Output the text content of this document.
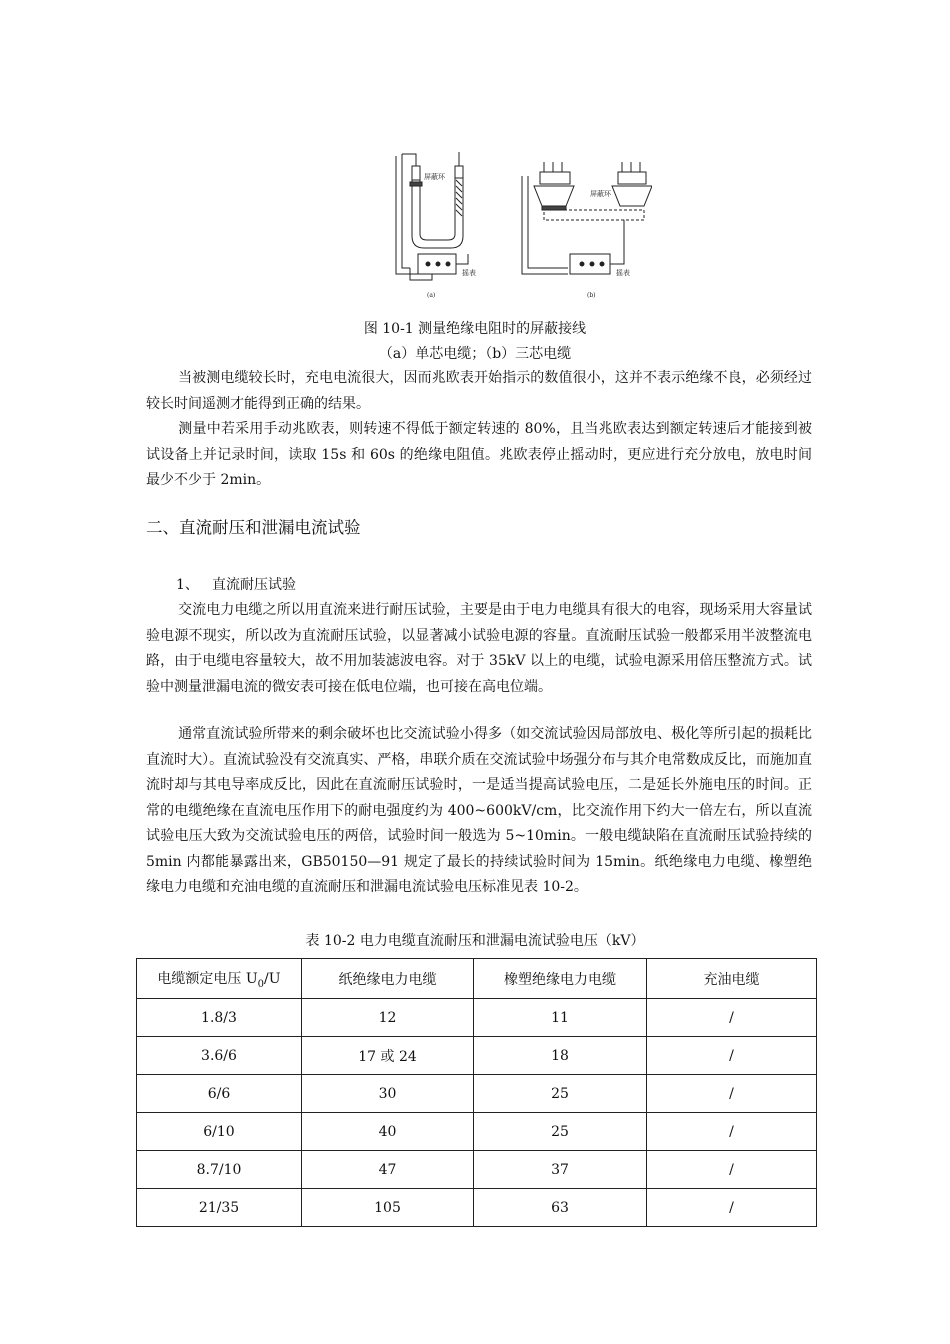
屏蔽环
屏蔽环
摇表	摇表
(a)	(b)
图 10-1 测量绝缘电阻时的屏蔽接线
（a）单芯电缆；（b）三芯电缆

当被测电缆较长时，充电电流很大，因而兆欧表开始指示的数值很小，这并不表示绝缘不良，必须经过较长时间遥测才能得到正确的结果。

测量中若采用手动兆欧表，则转速不得低于额定转速的 80%，且当兆欧表达到额定转速后才能接到被试设备上并记录时间，读取 15s 和 60s 的绝缘电阻值。兆欧表停止摇动时，更应进行充分放电，放电时间最少不少于 2min。

二、直流耐压和泄漏电流试验
1、 直流耐压试验

交流电力电缆之所以用直流来进行耐压试验，主要是由于电力电缆具有很大的电容，现场采用大容量试验电源不现实，所以改为直流耐压试验，以显著减小试验电源的容量。直流耐压试验一般都采用半波整流电路，由于电缆电容量较大，故不用加装滤波电容。对于 35kV 以上的电缆，试验电源采用倍压整流方式。试验中测量泄漏电流的微安表可接在低电位端，也可接在高电位端。

通常直流试验所带来的剩余破坏也比交流试验小得多（如交流试验因局部放电、极化等所引起的损耗比直流时大）。直流试验没有交流真实、严格，串联介质在交流试验中场强分布与其介电常数成反比，而施加直流时却与其电导率成反比，因此在直流耐压试验时，一是适当提高试验电压，二是延长外施电压的时间。正常的电缆绝缘在直流电压作用下的耐电强度约为 400~600kV/cm，比交流作用下约大一倍左右，所以直流试验电压大致为交流试验电压的两倍，试验时间一般选为 5~10min。一般电缆缺陷在直流耐压试验持续的 5min 内都能暴露出来，GB50150—91 规定了最长的持续试验时间为 15min。纸绝缘电力电缆、橡塑绝缘电力电缆和充油电缆的直流耐压和泄漏电流试验电压标准见表 10-2。

表 10-2 电力电缆直流耐压和泄漏电流试验电压（kV）
电缆额定电压 $U_0/U$	纸绝缘电力电缆	橡塑绝缘电力电缆	充油电缆
1.8/3	12	11	/
3.6/6	17 或 24	18	/
6/6	30	25	/
6/10	40	25	/
8.7/10	47	37	/
21/35	105	63	/
